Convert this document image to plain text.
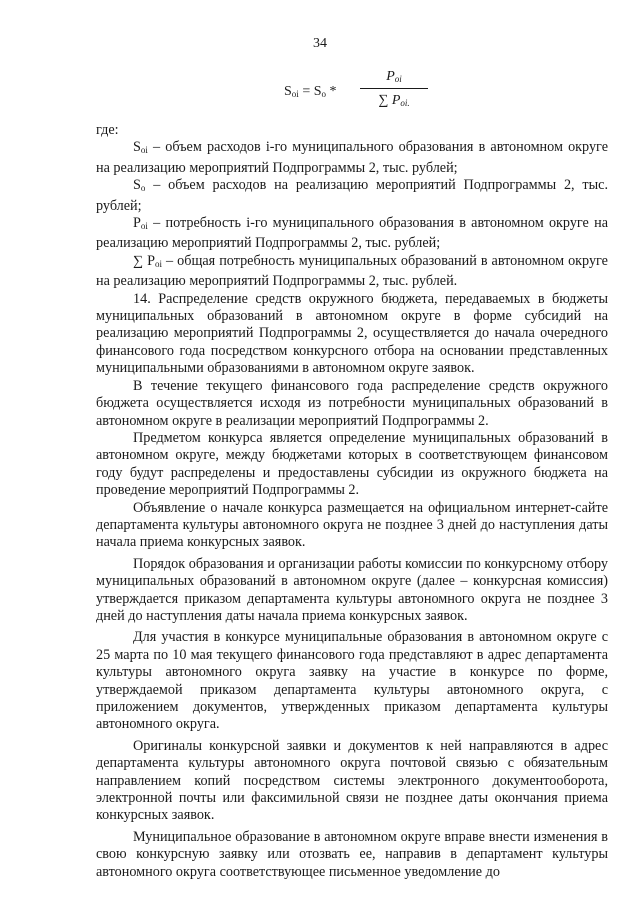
34
$S_{oi} = S_o$ *
$P_{oi}$
∑ $P_{oi.}$

где:

$S_{oi}$ – объем расходов i-го муниципального образования в автономном округе на реализацию мероприятий Подпрограммы 2, тыс. рублей;

$S_o$ – объем расходов на реализацию мероприятий Подпрограммы 2, тыс. рублей;

$P_{oi}$ – потребность i-го муниципального образования в автономном округе на реализацию мероприятий Подпрограммы 2, тыс. рублей;

∑ $P_{oi}$ – общая потребность муниципальных образований в автономном округе на реализацию мероприятий Подпрограммы 2, тыс. рублей.

14. Распределение средств окружного бюджета, передаваемых в бюджеты муниципальных образований в автономном округе в форме субсидий на реализацию мероприятий Подпрограммы 2, осуществляется до начала очередного финансового года посредством конкурсного отбора на основании представленных муниципальными образованиями в автономном округе заявок.

В течение текущего финансового года распределение средств окружного бюджета осуществляется исходя из потребности муниципальных образований в автономном округе в реализации мероприятий Подпрограммы 2.

Предметом конкурса является определение муниципальных образований в автономном округе, между бюджетами которых в соответствующем финансовом году будут распределены и предоставлены субсидии из окружного бюджета на проведение мероприятий Подпрограммы 2.

Объявление о начале конкурса размещается на официальном интернет-сайте департамента культуры автономного округа не позднее 3 дней до наступления даты начала приема конкурсных заявок.

Порядок образования и организации работы комиссии по конкурсному отбору муниципальных образований в автономном округе (далее – конкурсная комиссия) утверждается приказом департамента культуры автономного округа не позднее 3 дней до наступления даты начала приема конкурсных заявок.

Для участия в конкурсе муниципальные образования в автономном округе с 25 марта по 10 мая текущего финансового года представляют в адрес департамента культуры автономного округа заявку на участие в конкурсе по форме, утверждаемой приказом департамента культуры автономного округа, с приложением документов, утвержденных приказом департамента культуры автономного округа.

Оригиналы конкурсной заявки и документов к ней направляются в адрес департамента культуры автономного округа почтовой связью с обязательным направлением копий посредством системы электронного документооборота, электронной почты или факсимильной связи не позднее даты окончания приема конкурсных заявок.

Муниципальное образование в автономном округе вправе внести изменения в свою конкурсную заявку или отозвать ее, направив в департамент культуры автономного округа соответствующее письменное уведомление до
